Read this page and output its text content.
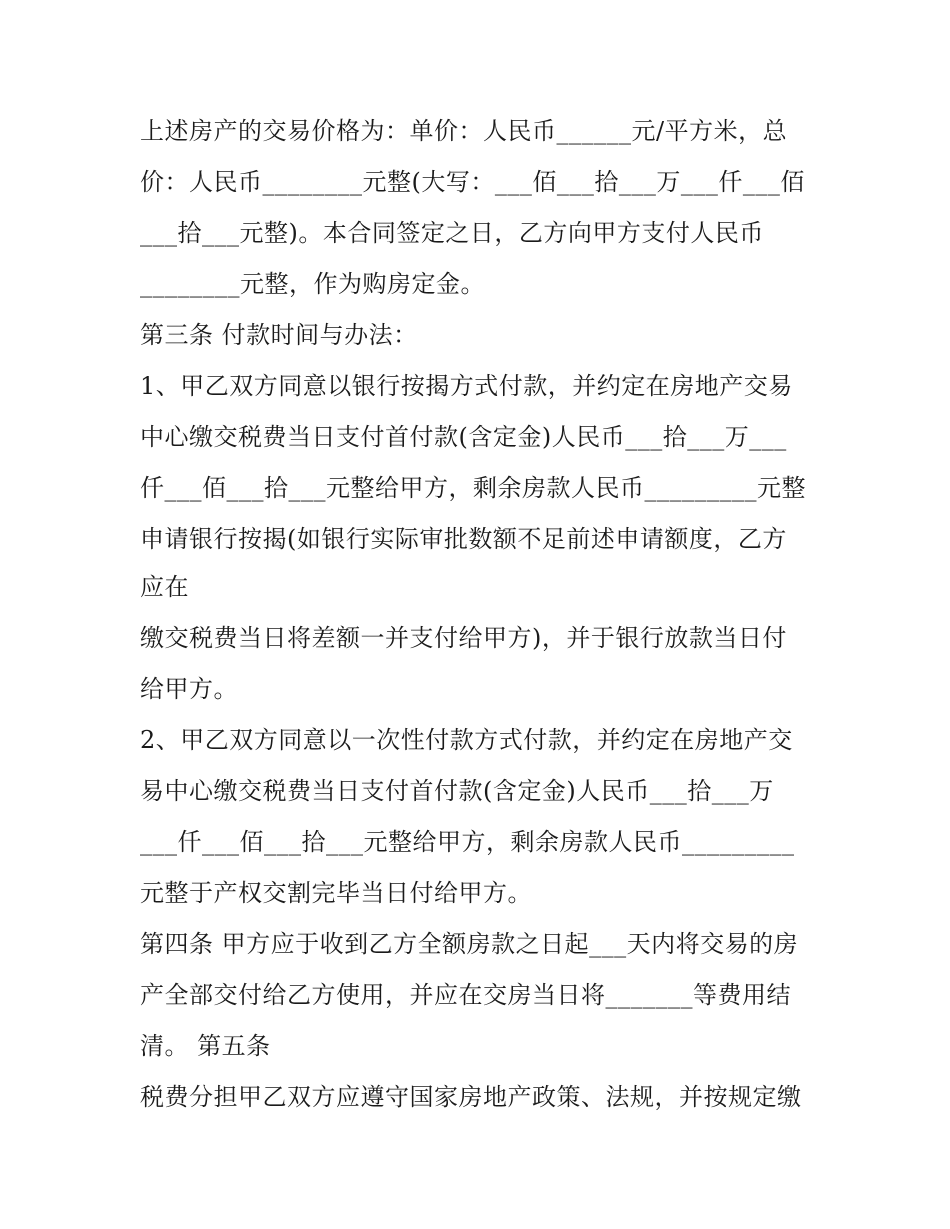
上述房产的交易价格为：单价：人民币______元/平方米，总

价：人民币________元整(大写：___佰___拾___万___仟___佰

___拾___元整)。本合同签定之日，乙方向甲方支付人民币

________元整，作为购房定金。

第三条 付款时间与办法：

1、甲乙双方同意以银行按揭方式付款，并约定在房地产交易

中心缴交税费当日支付首付款(含定金)人民币___拾___万___

仟___佰___拾___元整给甲方，剩余房款人民币_________元整

申请银行按揭(如银行实际审批数额不足前述申请额度，乙方

应在

缴交税费当日将差额一并支付给甲方)，并于银行放款当日付

给甲方。

2、甲乙双方同意以一次性付款方式付款，并约定在房地产交

易中心缴交税费当日支付首付款(含定金)人民币___拾___万

___仟___佰___拾___元整给甲方，剩余房款人民币_________

元整于产权交割完毕当日付给甲方。

第四条 甲方应于收到乙方全额房款之日起___天内将交易的房

产全部交付给乙方使用，并应在交房当日将_______等费用结

清。 第五条

税费分担甲乙双方应遵守国家房地产政策、法规，并按规定缴
